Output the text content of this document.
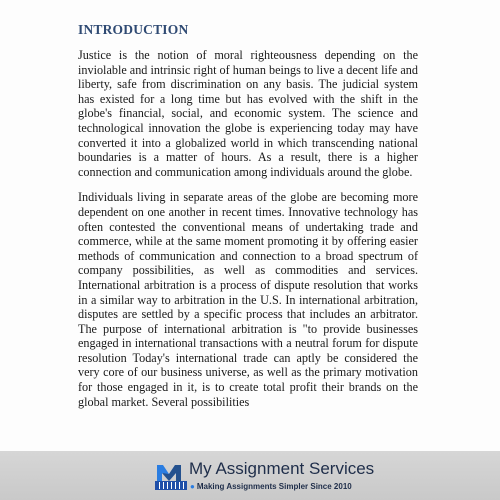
INTRODUCTION

Justice is the notion of moral righteousness depending on the inviolable and intrinsic right of human beings to live a decent life and liberty, safe from discrimination on any basis. The judicial system has existed for a long time but has evolved with the shift in the globe's financial, social, and economic system. The science and technological innovation the globe is experiencing today may have converted it into a globalized world in which transcending national boundaries is a matter of hours. As a result, there is a higher connection and communication among individuals around the globe.

Individuals living in separate areas of the globe are becoming more dependent on one another in recent times. Innovative technology has often contested the conventional means of undertaking trade and commerce, while at the same moment promoting it by offering easier methods of communication and connection to a broad spectrum of company possibilities, as well as commodities and services. International arbitration is a process of dispute resolution that works in a similar way to arbitration in the U.S. In international arbitration, disputes are settled by a specific process that includes an arbitrator. The purpose of international arbitration is "to provide businesses engaged in international transactions with a neutral forum for dispute resolution Today's international trade can aptly be considered the very core of our business universe, as well as the primary motivation for those engaged in it, is to create total profit their brands on the global market. Several possibilities

My Assignment Services
● Making Assignments Simpler Since 2010
